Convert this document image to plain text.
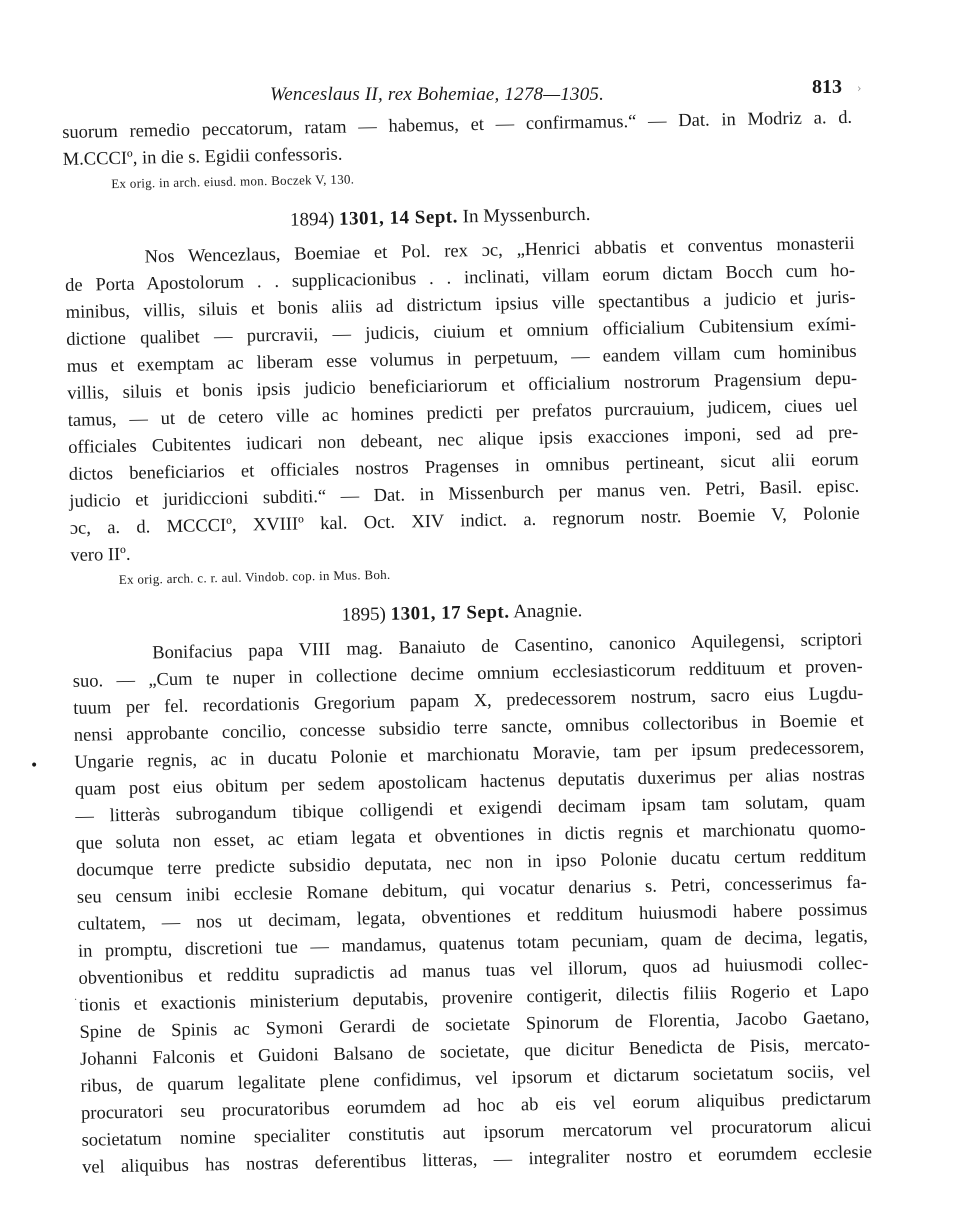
Wenceslaus II, rex Bohemiae, 1278—1305.	813 ›
suorum remedio peccatorum, ratam — habemus, et — confirmamus.“ — Dat. in Modriz a. d.
M.CCCIº, in die s. Egidii confessoris.
Ex orig. in arch. eiusd. mon. Boczek V, 130.
1894) 1301, 14 Sept. In Myssenburch.
Nos Wencezlaus, Boemiae et Pol. rex ɔc, „Henrici abbatis et conventus monasterii
de Porta Apostolorum . . supplicacionibus . . inclinati, villam eorum dictam Bocch cum ho-
minibus, villis, siluis et bonis aliis ad districtum ipsius ville spectantibus a judicio et juris-
dictione qualibet — purcravii, — judicis, ciuium et omnium officialium Cubitensium exími-
mus et exemptam ac liberam esse volumus in perpetuum, — eandem villam cum hominibus
villis, siluis et bonis ipsis judicio beneficiariorum et officialium nostrorum Pragensium depu-
tamus, — ut de cetero ville ac homines predicti per prefatos purcrauium, judicem, ciues uel
officiales Cubitentes iudicari non debeant, nec alique ipsis exacciones imponi, sed ad pre-
dictos beneficiarios et officiales nostros Pragenses in omnibus pertineant, sicut alii eorum
judicio et juridiccioni subditi.“ — Dat. in Missenburch per manus ven. Petri, Basil. episc.
ɔc, a. d. MCCCIº, XVIIIº kal. Oct. XIV indict. a. regnorum nostr. Boemie V, Polonie
vero IIº.
Ex orig. arch. c. r. aul. Vindob. cop. in Mus. Boh.
1895) 1301, 17 Sept. Anagnie.
Bonifacius papa VIII mag. Banaiuto de Casentino, canonico Aquilegensi, scriptori
suo. — „Cum te nuper in collectione decime omnium ecclesiasticorum reddituum et proven-
tuum per fel. recordationis Gregorium papam X, predecessorem nostrum, sacro eius Lugdu-
nensi approbante concilio, concesse subsidio terre sancte, omnibus collectoribus in Boemie et
Ungarie regnis, ac in ducatu Polonie et marchionatu Moravie, tam per ipsum predecessorem,
quam post eius obitum per sedem apostolicam hactenus deputatis duxerimus per alias nostras
— litteràs subrogandum tibique colligendi et exigendi decimam ipsam tam solutam, quam
que soluta non esset, ac etiam legata et obventiones in dictis regnis et marchionatu quomo-
documque terre predicte subsidio deputata, nec non in ipso Polonie ducatu certum redditum
seu censum inibi ecclesie Romane debitum, qui vocatur denarius s. Petri, concesserimus fa-
cultatem, — nos ut decimam, legata, obventiones et redditum huiusmodi habere possimus
in promptu, discretioni tue — mandamus, quatenus totam pecuniam, quam de decima, legatis,
obventionibus et redditu supradictis ad manus tuas vel illorum, quos ad huiusmodi collec-
tionis et exactionis ministerium deputabis, provenire contigerit, dilectis filiis Rogerio et Lapo
Spine de Spinis ac Symoni Gerardi de societate Spinorum de Florentia, Jacobo Gaetano,
Johanni Falconis et Guidoni Balsano de societate, que dicitur Benedicta de Pisis, mercato-
ribus, de quarum legalitate plene confidimus, vel ipsorum et dictarum societatum sociis, vel
procuratori seu procuratoribus eorumdem ad hoc ab eis vel eorum aliquibus predictarum
societatum nomine specialiter constitutis aut ipsorum mercatorum vel procuratorum alicui
vel aliquibus has nostras deferentibus litteras, — integraliter nostro et eorumdem ecclesie
•
·
